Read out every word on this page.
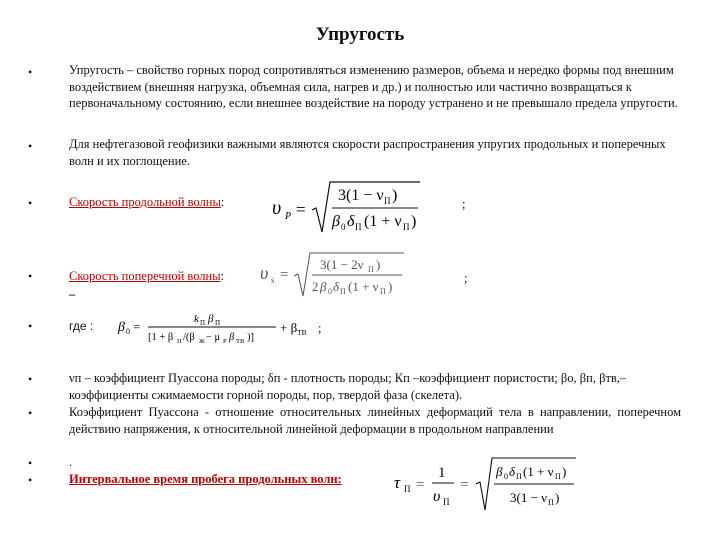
Упругость
•
•
•
•
•
•
•
•
•
Упругость – свойство горных пород сопротивляться изменению размеров, объема и нередко формы под внешним воздействием (внешняя нагрузка, объемная сила, нагрев и др.) и полностью или частично возвращаться к первоначальному состоянию, если внешнее воздействие на породу устранено и не превышало предела упругости.
Для нефтегазовой геофизики важными являются скорости распространения упругих продольных и поперечных волн и их поглощение.
Скорость продольной волны:	;
υ P =
3(1 − ν П )
β 0 δ П (1 + ν П )
Скорость поперечной волны:
–
;
υ s =
3(1 − 2ν П )
2 β 0 δ П (1 + ν П )
где :	;
β 0 =	k П β П
[1 + β П /(β Ж − μ P β ТВ )]
+ β ТВ
νп – коэффициент Пуассона породы; δп - плотность породы; Кп –коэффициент пористости; βо, βп, βтв,– коэффициенты сжимаемости горной породы, пор, твердой фаза (скелета).
Коэффициент Пуассона - отношение относительных линейных деформаций тела в направлении, поперечном действию напряжения, к относительной линейной деформации в продольном направлении
.
Интервальное время пробега продольных волн:	τ П =
1
υ П
=
β 0 δ П (1 + ν П )
3(1 − ν П )
